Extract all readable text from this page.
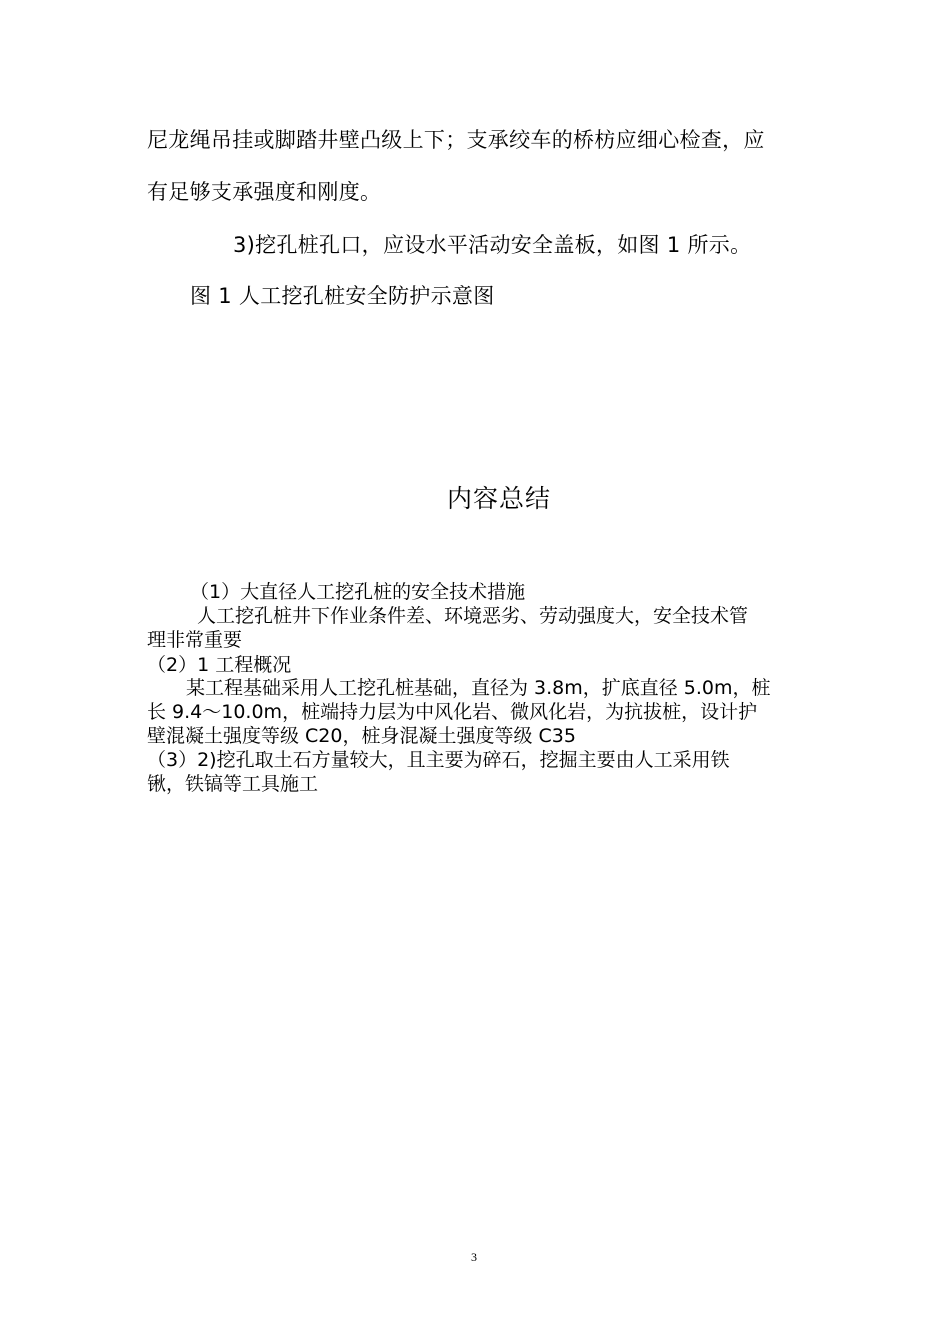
尼龙绳吊挂或脚踏井壁凸级上下；支承绞车的桥枋应细心检查，应

有足够支承强度和刚度。

3)挖孔桩孔口，应设水平活动安全盖板，如图 1 所示。

图 1 人工挖孔桩安全防护示意图

内容总结

（1）大直径人工挖孔桩的安全技术措施

人工挖孔桩井下作业条件差、环境恶劣、劳动强度大，安全技术管

理非常重要

（2）1 工程概况

某工程基础采用人工挖孔桩基础，直径为 3.8m，扩底直径 5.0m，桩

长 9.4～10.0m，桩端持力层为中风化岩、微风化岩，为抗拔桩，设计护

壁混凝土强度等级 C20，桩身混凝土强度等级 C35

（3）2)挖孔取土石方量较大，且主要为碎石，挖掘主要由人工采用铁

锹，铁镐等工具施工

3
